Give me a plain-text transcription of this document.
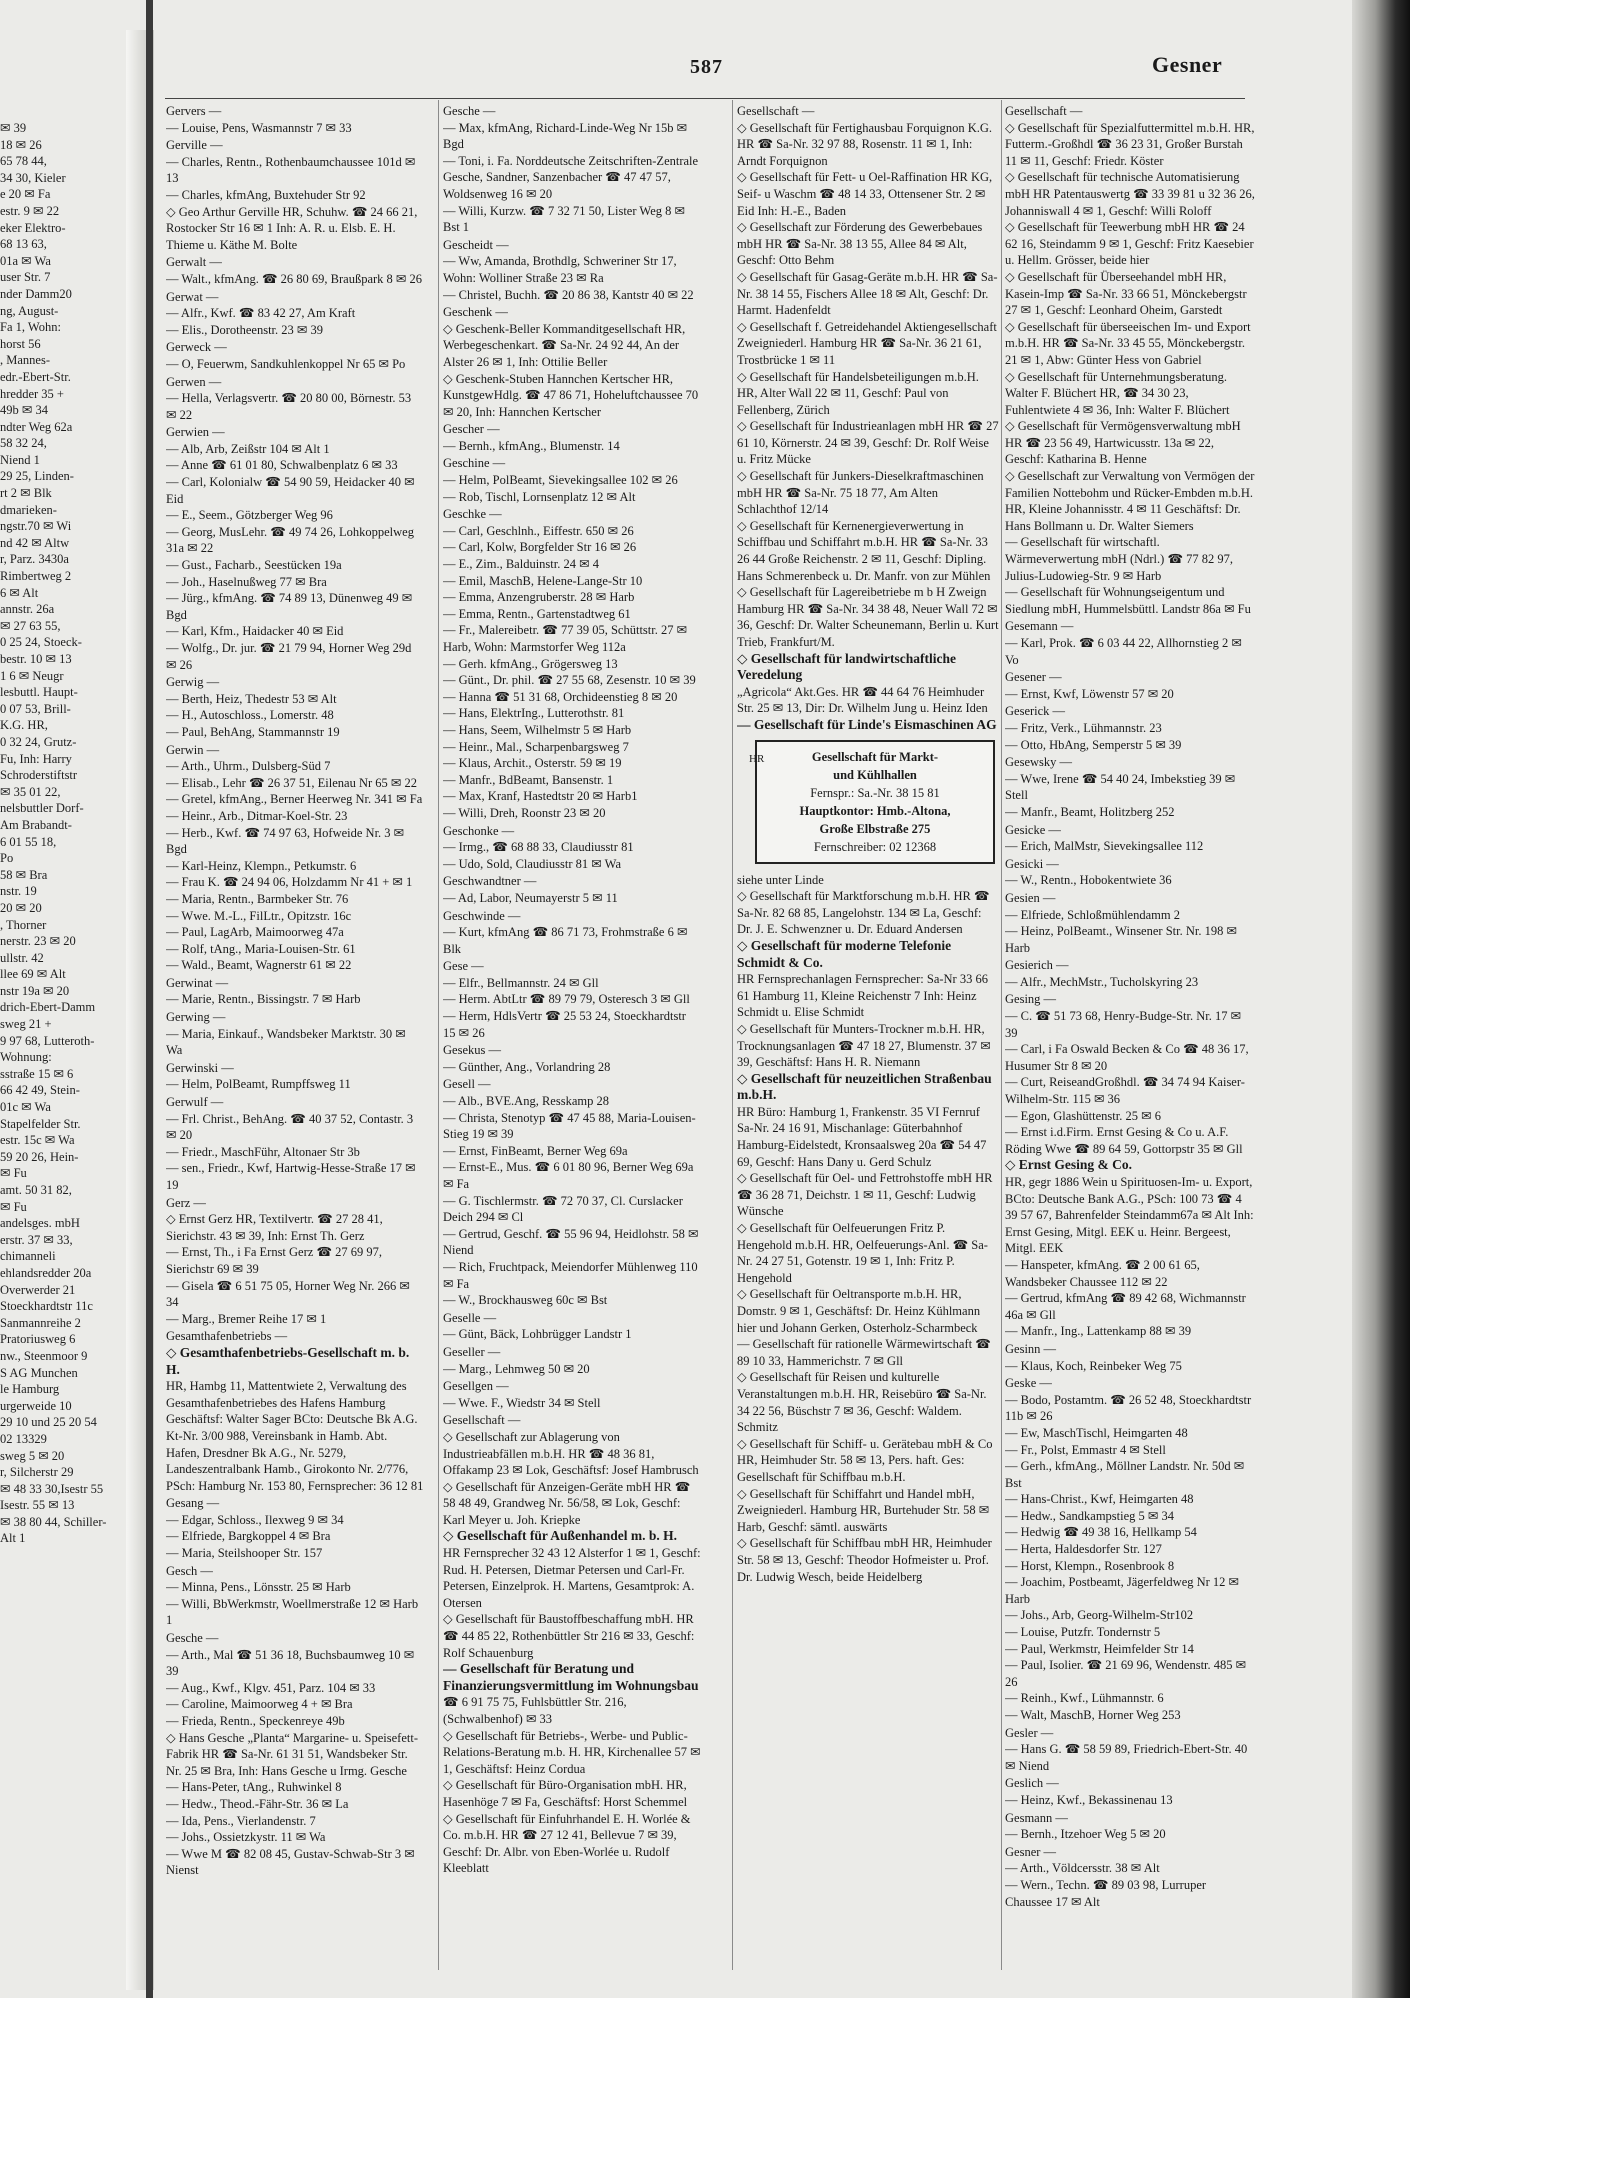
✉ 39
18 ✉ 26
65 78 44,
34 30, Kieler
e 20 ✉ Fa
estr. 9 ✉ 22
eker Elektro-
68 13 63,
01a ✉ Wa
user Str. 7
nder Damm20
ng, August-
Fa 1, Wohn:
horst 56
, Mannes-
edr.-Ebert-Str.
hredder 35 +
49b ✉ 34
ndter Weg 62a
58 32 24,
Niend 1
29 25, Linden-
rt 2 ✉ Blk
dmarieken-
ngstr.70 ✉ Wi
nd 42 ✉ Altw
r, Parz. 3430a
Rimbertweg 2
6 ✉ Alt
annstr. 26a
✉ 27 63 55,
0 25 24, Stoeck-
bestr. 10 ✉ 13
1 6 ✉ Neugr
lesbuttl. Haupt-
0 07 53, Brill-
K.G. HR,
0 32 24, Grutz-
Fu, Inh: Harry
Schroderstiftstr
✉ 35 01 22,
nelsbuttler Dorf-
Am Brabandt-
6 01 55 18,
Po
58 ✉ Bra
nstr. 19
20 ✉ 20
, Thorner
nerstr. 23 ✉ 20
ullstr. 42
llee 69 ✉ Alt
nstr 19a ✉ 20
drich-Ebert-Damm
sweg 21 +
9 97 68, Lutteroth-
Wohnung:
sstraße 15 ✉ 6
66 42 49, Stein-
01c ✉ Wa
Stapelfelder Str.
estr. 15c ✉ Wa
59 20 26, Hein-
✉ Fu
amt. 50 31 82,
✉ Fu
andelsges. mbH
erstr. 37 ✉ 33,
chimanneli
ehlandsredder 20a
Overwerder 21
Stoeckhardtstr 11c
Sanmannreihe 2
Pratoriusweg 6
nw., Steenmoor 9
S AG Munchen
le Hamburg
urgerweide 10
29 10 und 25 20 54
02 13329
sweg 5 ✉ 20
r, Silcherstr 29
✉ 48 33 30,Isestr 55
Isestr. 55 ✉ 13
✉ 38 80 44, Schiller-
Alt 1
587	Gesner
Gervers —
— Louise, Pens, Wasmannstr 7 ✉ 33
Gerville —
— Charles, Rentn., Rothenbaumchaussee 101d ✉ 13
— Charles, kfmAng, Buxtehuder Str 92
◇ Geo Arthur Gerville HR, Schuhw. ☎ 24 66 21, Rostocker Str 16 ✉ 1 Inh: A. R. u. Elsb. E. H. Thieme u. Käthe M. Bolte
Gerwalt —
— Walt., kfmAng. ☎ 26 80 69, Braußpark 8 ✉ 26
Gerwat —
— Alfr., Kwf. ☎ 83 42 27, Am Kraft
— Elis., Dorotheenstr. 23 ✉ 39
Gerweck —
— O, Feuerwm, Sandkuhlenkoppel Nr 65 ✉ Po
Gerwen —
— Hella, Verlagsvertr. ☎ 20 80 00, Börnestr. 53 ✉ 22
Gerwien —
— Alb, Arb, Zeißstr 104 ✉ Alt 1
— Anne ☎ 61 01 80, Schwalbenplatz 6 ✉ 33
— Carl, Kolonialw ☎ 54 90 59, Heidacker 40 ✉ Eid
— E., Seem., Götzberger Weg 96
— Georg, MusLehr. ☎ 49 74 26, Lohkoppelweg 31a ✉ 22
— Gust., Facharb., Seestücken 19a
— Joh., Haselnußweg 77 ✉ Bra
— Jürg., kfmAng. ☎ 74 89 13, Dünenweg 49 ✉ Bgd
— Karl, Kfm., Haidacker 40 ✉ Eid
— Wolfg., Dr. jur. ☎ 21 79 94, Horner Weg 29d ✉ 26
Gerwig —
— Berth, Heiz, Thedestr 53 ✉ Alt
— H., Autoschloss., Lomerstr. 48
— Paul, BehAng, Stammannstr 19
Gerwin —
— Arth., Uhrm., Dulsberg-Süd 7
— Elisab., Lehr ☎ 26 37 51, Eilenau Nr 65 ✉ 22
— Gretel, kfmAng., Berner Heerweg Nr. 341 ✉ Fa
— Heinr., Arb., Ditmar-Koel-Str. 23
— Herb., Kwf. ☎ 74 97 63, Hofweide Nr. 3 ✉ Bgd
— Karl-Heinz, Klempn., Petkumstr. 6
— Frau K. ☎ 24 94 06, Holzdamm Nr 41 + ✉ 1
— Maria, Rentn., Barmbeker Str. 76
— Wwe. M.-L., FilLtr., Opitzstr. 16c
— Paul, LagArb, Maimoorweg 47a
— Rolf, tAng., Maria-Louisen-Str. 61
— Wald., Beamt, Wagnerstr 61 ✉ 22
Gerwinat —
— Marie, Rentn., Bissingstr. 7 ✉ Harb
Gerwing —
— Maria, Einkauf., Wandsbeker Marktstr. 30 ✉ Wa
Gerwinski —
— Helm, PolBeamt, Rumpffsweg 11
Gerwulf —
— Frl. Christ., BehAng. ☎ 40 37 52, Contastr. 3 ✉ 20
— Friedr., MaschFühr, Altonaer Str 3b
— sen., Friedr., Kwf, Hartwig-Hesse-Straße 17 ✉ 19
Gerz —
◇ Ernst Gerz HR, Textilvertr. ☎ 27 28 41, Sierichstr. 43 ✉ 39, Inh: Ernst Th. Gerz
— Ernst, Th., i Fa Ernst Gerz ☎ 27 69 97, Sierichstr 69 ✉ 39
— Gisela ☎ 6 51 75 05, Horner Weg Nr. 266 ✉ 34
— Marg., Bremer Reihe 17 ✉ 1
Gesamthafenbetriebs —
◇ Gesamthafenbetriebs-Gesellschaft m. b. H.
HR, Hambg 11, Mattentwiete 2, Verwaltung des Gesamthafenbetriebes des Hafens Hamburg Geschäftsf: Walter Sager BCto: Deutsche Bk A.G. Kt-Nr. 3/00 988, Vereinsbank in Hamb. Abt. Hafen, Dresdner Bk A.G., Nr. 5279, Landeszentralbank Hamb., Girokonto Nr. 2/776, PSch: Hamburg Nr. 153 80, Fernsprecher: 36 12 81
Gesang —
— Edgar, Schloss., Ilexweg 9 ✉ 34
— Elfriede, Bargkoppel 4 ✉ Bra
— Maria, Steilshooper Str. 157
Gesch —
— Minna, Pens., Lönsstr. 25 ✉ Harb
— Willi, BbWerkmstr, Woellmerstraße 12 ✉ Harb 1
Gesche —
— Arth., Mal ☎ 51 36 18, Buchsbaumweg 10 ✉ 39
— Aug., Kwf., Klgv. 451, Parz. 104 ✉ 33
— Caroline, Maimoorweg 4 + ✉ Bra
— Frieda, Rentn., Speckenreye 49b
◇ Hans Gesche „Planta“ Margarine- u. Speisefett-Fabrik HR ☎ Sa-Nr. 61 31 51, Wandsbeker Str. Nr. 25 ✉ Bra, Inh: Hans Gesche u Irmg. Gesche
— Hans-Peter, tAng., Ruhwinkel 8
— Hedw., Theod.-Fähr-Str. 36 ✉ La
— Ida, Pens., Vierlandenstr. 7
— Johs., Ossietzkystr. 11 ✉ Wa
— Wwe M ☎ 82 08 45, Gustav-Schwab-Str 3 ✉ Nienst
Gesche —
— Max, kfmAng, Richard-Linde-Weg Nr 15b ✉ Bgd
— Toni, i. Fa. Norddeutsche Zeitschriften-Zentrale Gesche, Sandner, Sanzenbacher ☎ 47 47 57, Woldsenweg 16 ✉ 20
— Willi, Kurzw. ☎ 7 32 71 50, Lister Weg 8 ✉ Bst 1
Gescheidt —
— Ww, Amanda, Brothdlg, Schweriner Str 17, Wohn: Wolliner Straße 23 ✉ Ra
— Christel, Buchh. ☎ 20 86 38, Kantstr 40 ✉ 22
Geschenk —
◇ Geschenk-Beller Kommanditgesellschaft HR, Werbegeschenkart. ☎ Sa-Nr. 24 92 44, An der Alster 26 ✉ 1, Inh: Ottilie Beller
◇ Geschenk-Stuben Hannchen Kertscher HR, KunstgewHdlg. ☎ 47 86 71, Hoheluftchaussee 70 ✉ 20, Inh: Hannchen Kertscher
Gescher —
— Bernh., kfmAng., Blumenstr. 14
Geschine —
— Helm, PolBeamt, Sievekingsallee 102 ✉ 26
— Rob, Tischl, Lornsenplatz 12 ✉ Alt
Geschke —
— Carl, Geschlnh., Eiffestr. 650 ✉ 26
— Carl, Kolw, Borgfelder Str 16 ✉ 26
— E., Zim., Balduinstr. 24 ✉ 4
— Emil, MaschB, Helene-Lange-Str 10
— Emma, Anzengruberstr. 28 ✉ Harb
— Emma, Rentn., Gartenstadtweg 61
— Fr., Malereibetr. ☎ 77 39 05, Schüttstr. 27 ✉ Harb, Wohn: Marmstorfer Weg 112a
— Gerh. kfmAng., Grögersweg 13
— Günt., Dr. phil. ☎ 27 55 68, Zesenstr. 10 ✉ 39
— Hanna ☎ 51 31 68, Orchideenstieg 8 ✉ 20
— Hans, ElektrIng., Lutterothstr. 81
— Hans, Seem, Wilhelmstr 5 ✉ Harb
— Heinr., Mal., Scharpenbargsweg 7
— Klaus, Archit., Osterstr. 59 ✉ 19
— Manfr., BdBeamt, Bansenstr. 1
— Max, Kranf, Hastedtstr 20 ✉ Harb1
— Willi, Dreh, Roonstr 23 ✉ 20
Geschonke —
— Irmg., ☎ 68 88 33, Claudiusstr 81
— Udo, Sold, Claudiusstr 81 ✉ Wa
Geschwandtner —
— Ad, Labor, Neumayerstr 5 ✉ 11
Geschwinde —
— Kurt, kfmAng ☎ 86 71 73, Frohmstraße 6 ✉ Blk
Gese —
— Elfr., Bellmannstr. 24 ✉ Gll
— Herm. AbtLtr ☎ 89 79 79, Osteresch 3 ✉ Gll
— Herm, HdlsVertr ☎ 25 53 24, Stoeckhardtstr 15 ✉ 26
Gesekus —
— Günther, Ang., Vorlandring 28
Gesell —
— Alb., BVE.Ang, Resskamp 28
— Christa, Stenotyp ☎ 47 45 88, Maria-Louisen-Stieg 19 ✉ 39
— Ernst, FinBeamt, Berner Weg 69a
— Ernst-E., Mus. ☎ 6 01 80 96, Berner Weg 69a ✉ Fa
— G. Tischlermstr. ☎ 72 70 37, Cl. Curslacker Deich 294 ✉ Cl
— Gertrud, Geschf. ☎ 55 96 94, Heidlohstr. 58 ✉ Niend
— Rich, Fruchtpack, Meiendorfer Mühlenweg 110 ✉ Fa
— W., Brockhausweg 60c ✉ Bst
Geselle —
— Günt, Bäck, Lohbrügger Landstr 1
Geseller —
— Marg., Lehmweg 50 ✉ 20
Gesellgen —
— Wwe. F., Wiedstr 34 ✉ Stell
Gesellschaft —
◇ Gesellschaft zur Ablagerung von Industrieabfällen m.b.H. HR ☎ 48 36 81, Offakamp 23 ✉ Lok, Geschäftsf: Josef Hambrusch
◇ Gesellschaft für Anzeigen-Geräte mbH HR ☎ 58 48 49, Grandweg Nr. 56/58, ✉ Lok, Geschf: Karl Meyer u. Joh. Kriepke
◇ Gesellschaft für Außenhandel m. b. H.
HR Fernsprecher 32 43 12 Alsterfor 1 ✉ 1, Geschf: Rud. H. Petersen, Dietmar Petersen und Carl-Fr. Petersen, Einzelprok. H. Martens, Gesamtprok: A. Otersen
◇ Gesellschaft für Baustoffbeschaffung mbH. HR ☎ 44 85 22, Rothenbüttler Str 216 ✉ 33, Geschf: Rolf Schauenburg
— Gesellschaft für Beratung und Finanzierungsvermittlung im Wohnungsbau
☎ 6 91 75 75, Fuhlsbüttler Str. 216, (Schwalbenhof) ✉ 33
◇ Gesellschaft für Betriebs-, Werbe- und Public-Relations-Beratung m.b. H. HR, Kirchenallee 57 ✉ 1, Geschäftsf: Heinz Cordua
◇ Gesellschaft für Büro-Organisation mbH. HR, Hasenhöge 7 ✉ Fa, Geschäftsf: Horst Schemmel
◇ Gesellschaft für Einfuhrhandel E. H. Worlée & Co. m.b.H. HR ☎ 27 12 41, Bellevue 7 ✉ 39, Geschf: Dr. Albr. von Eben-Worlée u. Rudolf Kleeblatt
Gesellschaft —
◇ Gesellschaft für Fertighausbau Forquignon K.G. HR ☎ Sa-Nr. 32 97 88, Rosenstr. 11 ✉ 1, Inh: Arndt Forquignon
◇ Gesellschaft für Fett- u Oel-Raffination HR KG, Seif- u Waschm ☎ 48 14 33, Ottensener Str. 2 ✉ Eid Inh: H.-E., Baden
◇ Gesellschaft zur Förderung des Gewerbebaues mbH HR ☎ Sa-Nr. 38 13 55, Allee 84 ✉ Alt, Geschf: Otto Behm
◇ Gesellschaft für Gasag-Geräte m.b.H. HR ☎ Sa-Nr. 38 14 55, Fischers Allee 18 ✉ Alt, Geschf: Dr. Harmt. Hadenfeldt
◇ Gesellschaft f. Getreidehandel Aktiengesellschaft Zweigniederl. Hamburg HR ☎ Sa-Nr. 36 21 61, Trostbrücke 1 ✉ 11
◇ Gesellschaft für Handelsbeteiligungen m.b.H. HR, Alter Wall 22 ✉ 11, Geschf: Paul von Fellenberg, Zürich
◇ Gesellschaft für Industrieanlagen mbH HR ☎ 27 61 10, Körnerstr. 24 ✉ 39, Geschf: Dr. Rolf Weise u. Fritz Mücke
◇ Gesellschaft für Junkers-Dieselkraftmaschinen mbH HR ☎ Sa-Nr. 75 18 77, Am Alten Schlachthof 12/14
◇ Gesellschaft für Kernenergieverwertung in Schiffbau und Schiffahrt m.b.H. HR ☎ Sa-Nr. 33 26 44 Große Reichenstr. 2 ✉ 11, Geschf: Dipling. Hans Schmerenbeck u. Dr. Manfr. von zur Mühlen
◇ Gesellschaft für Lagereibetriebe m b H Zweign Hamburg HR ☎ Sa-Nr. 34 38 48, Neuer Wall 72 ✉ 36, Geschf: Dr. Walter Scheunemann, Berlin u. Kurt Trieb, Frankfurt/M.
◇ Gesellschaft für landwirtschaftliche Veredelung
„Agricola“ Akt.Ges. HR ☎ 44 64 76 Heimhuder Str. 25 ✉ 13, Dir: Dr. Wilhelm Jung u. Heinz Iden
— Gesellschaft für Linde's Eismaschinen AG
HR	Gesellschaft für Markt-
und Kühlhallen
Fernspr.: Sa.-Nr. 38 15 81
Hauptkontor: Hmb.-Altona,
Große Elbstraße 275
Fernschreiber: 02 12368
siehe unter Linde
◇ Gesellschaft für Marktforschung m.b.H. HR ☎ Sa-Nr. 82 68 85, Langelohstr. 134 ✉ La, Geschf: Dr. J. E. Schwenzner u. Dr. Eduard Andersen
◇ Gesellschaft für moderne Telefonie Schmidt & Co.
HR Fernsprechanlagen Fernsprecher: Sa-Nr 33 66 61 Hamburg 11, Kleine Reichenstr 7 Inh: Heinz Schmidt u. Elise Schmidt
◇ Gesellschaft für Munters-Trockner m.b.H. HR, Trocknungsanlagen ☎ 47 18 27, Blumenstr. 37 ✉ 39, Geschäftsf: Hans H. R. Niemann
◇ Gesellschaft für neuzeitlichen Straßenbau m.b.H.
HR Büro: Hamburg 1, Frankenstr. 35 VI Fernruf Sa-Nr. 24 16 91, Mischanlage: Güterbahnhof Hamburg-Eidelstedt, Kronsaalsweg 20a ☎ 54 47 69, Geschf: Hans Dany u. Gerd Schulz
◇ Gesellschaft für Oel- und Fettrohstoffe mbH HR ☎ 36 28 71, Deichstr. 1 ✉ 11, Geschf: Ludwig Wünsche
◇ Gesellschaft für Oelfeuerungen Fritz P. Hengehold m.b.H. HR, Oelfeuerungs-Anl. ☎ Sa-Nr. 24 27 51, Gotenstr. 19 ✉ 1, Inh: Fritz P. Hengehold
◇ Gesellschaft für Oeltransporte m.b.H. HR, Domstr. 9 ✉ 1, Geschäftsf: Dr. Heinz Kühlmann hier und Johann Gerken, Osterholz-Scharmbeck
— Gesellschaft für rationelle Wärmewirtschaft ☎ 89 10 33, Hammerichstr. 7 ✉ Gll
◇ Gesellschaft für Reisen und kulturelle Veranstaltungen m.b.H. HR, Reisebüro ☎ Sa-Nr. 34 22 56, Büschstr 7 ✉ 36, Geschf: Waldem. Schmitz
◇ Gesellschaft für Schiff- u. Gerätebau mbH & Co HR, Heimhuder Str. 58 ✉ 13, Pers. haft. Ges: Gesellschaft für Schiffbau m.b.H.
◇ Gesellschaft für Schiffahrt und Handel mbH, Zweigniederl. Hamburg HR, Burtehuder Str. 58 ✉ Harb, Geschf: sämtl. auswärts
◇ Gesellschaft für Schiffbau mbH HR, Heimhuder Str. 58 ✉ 13, Geschf: Theodor Hofmeister u. Prof. Dr. Ludwig Wesch, beide Heidelberg
Gesellschaft —
◇ Gesellschaft für Spezialfuttermittel m.b.H. HR, Futterm.-Großhdl ☎ 36 23 31, Großer Burstah 11 ✉ 11, Geschf: Friedr. Köster
◇ Gesellschaft für technische Automatisierung mbH HR Patentauswertg ☎ 33 39 81 u 32 36 26, Johanniswall 4 ✉ 1, Geschf: Willi Roloff
◇ Gesellschaft für Teewerbung mbH HR ☎ 24 62 16, Steindamm 9 ✉ 1, Geschf: Fritz Kaesebier u. Hellm. Grösser, beide hier
◇ Gesellschaft für Überseehandel mbH HR, Kasein-Imp ☎ Sa-Nr. 33 66 51, Mönckebergstr 27 ✉ 1, Geschf: Leonhard Oheim, Garstedt
◇ Gesellschaft für überseeischen Im- und Export m.b.H. HR ☎ Sa-Nr. 33 45 55, Mönckebergstr. 21 ✉ 1, Abw: Günter Hess von Gabriel
◇ Gesellschaft für Unternehmungsberatung. Walter F. Blüchert HR, ☎ 34 30 23, Fuhlentwiete 4 ✉ 36, Inh: Walter F. Blüchert
◇ Gesellschaft für Vermögensverwaltung mbH HR ☎ 23 56 49, Hartwicusstr. 13a ✉ 22, Geschf: Katharina B. Henne
◇ Gesellschaft zur Verwaltung von Vermögen der Familien Nottebohm und Rücker-Embden m.b.H. HR, Kleine Johannisstr. 4 ✉ 11 Geschäftsf: Dr. Hans Bollmann u. Dr. Walter Siemers
— Gesellschaft für wirtschaftl. Wärmeverwertung mbH (Ndrl.) ☎ 77 82 97, Julius-Ludowieg-Str. 9 ✉ Harb
— Gesellschaft für Wohnungseigentum und Siedlung mbH, Hummelsbüttl. Landstr 86a ✉ Fu
Gesemann —
— Karl, Prok. ☎ 6 03 44 22, Allhornstieg 2 ✉ Vo
Gesener —
— Ernst, Kwf, Löwenstr 57 ✉ 20
Geserick —
— Fritz, Verk., Lühmannstr. 23
— Otto, HbAng, Semperstr 5 ✉ 39
Gesewsky —
— Wwe, Irene ☎ 54 40 24, Imbekstieg 39 ✉ Stell
— Manfr., Beamt, Holitzberg 252
Gesicke —
— Erich, MalMstr, Sievekingsallee 112
Gesicki —
— W., Rentn., Hobokentwiete 36
Gesien —
— Elfriede, Schloßmühlendamm 2
— Heinz, PolBeamt., Winsener Str. Nr. 198 ✉ Harb
Gesierich —
— Alfr., MechMstr., Tucholskyring 23
Gesing —
— C. ☎ 51 73 68, Henry-Budge-Str. Nr. 17 ✉ 39
— Carl, i Fa Oswald Becken & Co ☎ 48 36 17, Husumer Str 8 ✉ 20
— Curt, ReiseandGroßhdl. ☎ 34 74 94 Kaiser-Wilhelm-Str. 115 ✉ 36
— Egon, Glashüttenstr. 25 ✉ 6
— Ernst i.d.Firm. Ernst Gesing & Co u. A.F. Röding Wwe ☎ 89 64 59, Gottorpstr 35 ✉ Gll
◇ Ernst Gesing & Co.
HR, gegr 1886 Wein u Spirituosen-Im- u. Export, BCto: Deutsche Bank A.G., PSch: 100 73 ☎ 4 39 57 67, Bahrenfelder Steindamm67a ✉ Alt Inh: Ernst Gesing, Mitgl. EEK u. Heinr. Bergeest, Mitgl. EEK
— Hanspeter, kfmAng. ☎ 2 00 61 65, Wandsbeker Chaussee 112 ✉ 22
— Gertrud, kfmAng ☎ 89 42 68, Wichmannstr 46a ✉ Gll
— Manfr., Ing., Lattenkamp 88 ✉ 39
Gesinn —
— Klaus, Koch, Reinbeker Weg 75
Geske —
— Bodo, Postamtm. ☎ 26 52 48, Stoeckhardtstr 11b ✉ 26
— Ew, MaschTischl, Heimgarten 48
— Fr., Polst, Emmastr 4 ✉ Stell
— Gerh., kfmAng., Möllner Landstr. Nr. 50d ✉ Bst
— Hans-Christ., Kwf, Heimgarten 48
— Hedw., Sandkampstieg 5 ✉ 34
— Hedwig ☎ 49 38 16, Hellkamp 54
— Herta, Haldesdorfer Str. 127
— Horst, Klempn., Rosenbrook 8
— Joachim, Postbeamt, Jägerfeldweg Nr 12 ✉ Harb
— Johs., Arb, Georg-Wilhelm-Str102
— Louise, Putzfr. Tondernstr 5
— Paul, Werkmstr, Heimfelder Str 14
— Paul, Isolier. ☎ 21 69 96, Wendenstr. 485 ✉ 26
— Reinh., Kwf., Lühmannstr. 6
— Walt, MaschB, Horner Weg 253
Gesler —
— Hans G. ☎ 58 59 89, Friedrich-Ebert-Str. 40 ✉ Niend
Geslich —
— Heinz, Kwf., Bekassinenau 13
Gesmann —
— Bernh., Itzehoer Weg 5 ✉ 20
Gesner —
— Arth., Völdcersstr. 38 ✉ Alt
— Wern., Techn. ☎ 89 03 98, Lurruper Chaussee 17 ✉ Alt
